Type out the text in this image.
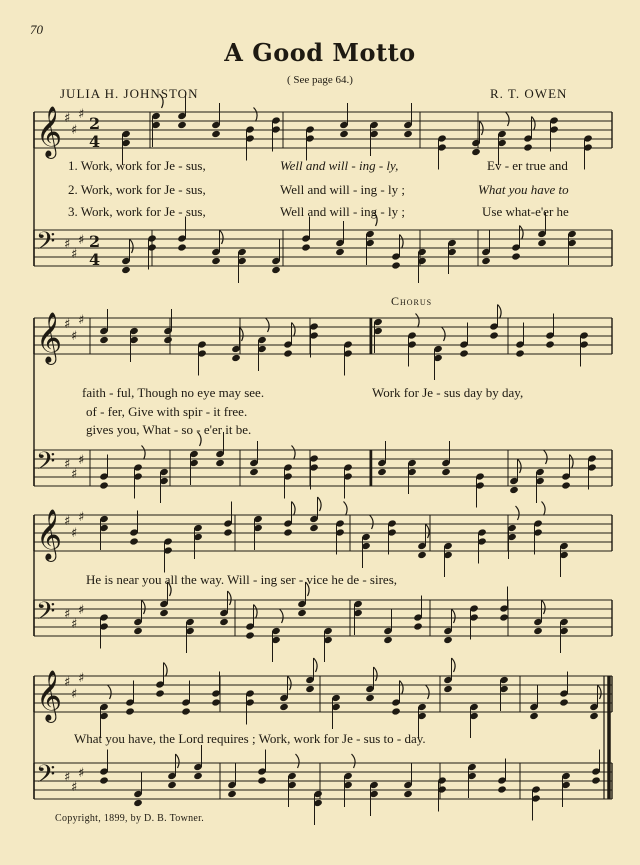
70
A Good Motto
( See page 64.)
JULIA H. JOHNSTON	R. T. OWEN
Chorus
1. Work, work for Je - sus,	Well and will - ing - ly,	Ev - er true and
2. Work, work for Je - sus,	Well and will - ing - ly ;	What you have to
3. Work, work for Je - sus,	Well and will - ing - ly ;	Use what-e'er he
faith - ful, Though no eye may see.	Work for Je - sus day by day,
of - fer, Give with spir - it free.
gives you, What - so - e'er it be.
He is near you all the way. Will - ing ser - vice he de - sires,
What you have, the Lord requires ; Work, work for Je - sus to - day.
Copyright, 1899, by D. B. Towner.
𝄞 ♯
♯
♯ 2
4
𝄢 ♯
♯
♯ 2
4
𝄞 ♯
♯
♯
𝄢 ♯
♯
♯
𝄞 ♯
♯
♯
𝄢 ♯
♯
♯
𝄞 ♯
♯
♯
𝄢 ♯
♯
♯
